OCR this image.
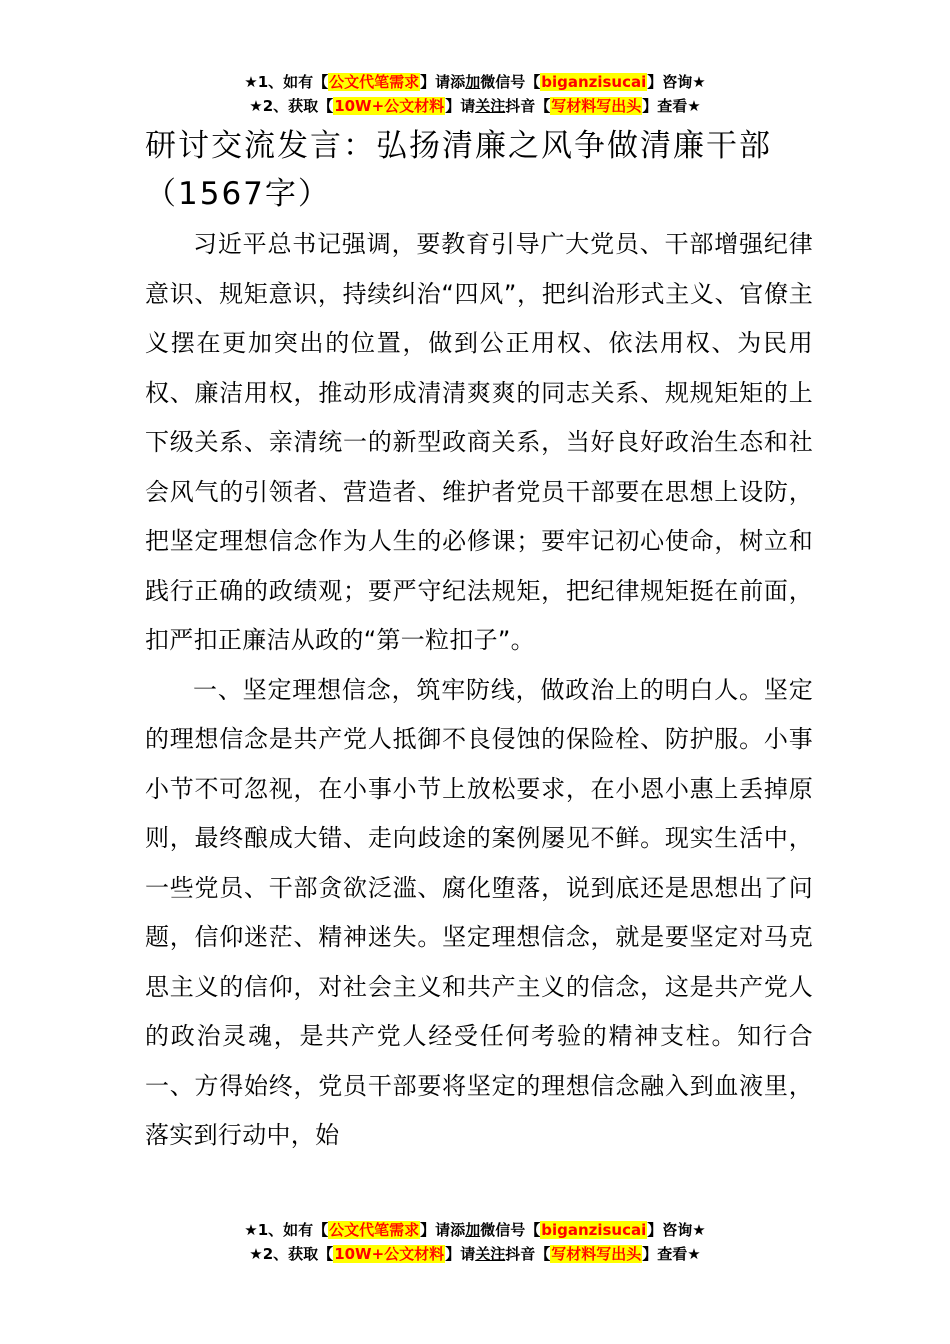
★1、如有【公文代笔需求】请添加微信号【biganzisucai】咨询★
★2、获取【10W+公文材料】请关注抖音【写材料写出头】查看★
研讨交流发言：弘扬清廉之风争做清廉干部（1567字）

习近平总书记强调，要教育引导广大党员、干部增强纪律意识、规矩意识，持续纠治“四风”，把纠治形式主义、官僚主义摆在更加突出的位置，做到公正用权、依法用权、为民用权、廉洁用权，推动形成清清爽爽的同志关系、规规矩矩的上下级关系、亲清统一的新型政商关系，当好良好政治生态和社会风气的引领者、营造者、维护者党员干部要在思想上设防，把坚定理想信念作为人生的必修课；要牢记初心使命，树立和践行正确的政绩观；要严守纪法规矩，把纪律规矩挺在前面，扣严扣正廉洁从政的“第一粒扣子”。

一、坚定理想信念，筑牢防线，做政治上的明白人。坚定的理想信念是共产党人抵御不良侵蚀的保险栓、防护服。小事小节不可忽视，在小事小节上放松要求，在小恩小惠上丢掉原则，最终酿成大错、走向歧途的案例屡见不鲜。现实生活中，一些党员、干部贪欲泛滥、腐化堕落，说到底还是思想出了问题，信仰迷茫、精神迷失。坚定理想信念，就是要坚定对马克思主义的信仰，对社会主义和共产主义的信念，这是共产党人的政治灵魂，是共产党人经受任何考验的精神支柱。知行合一、方得始终，党员干部要将坚定的理想信念融入到血液里，落实到行动中，始

★1、如有【公文代笔需求】请添加微信号【biganzisucai】咨询★
★2、获取【10W+公文材料】请关注抖音【写材料写出头】查看★
